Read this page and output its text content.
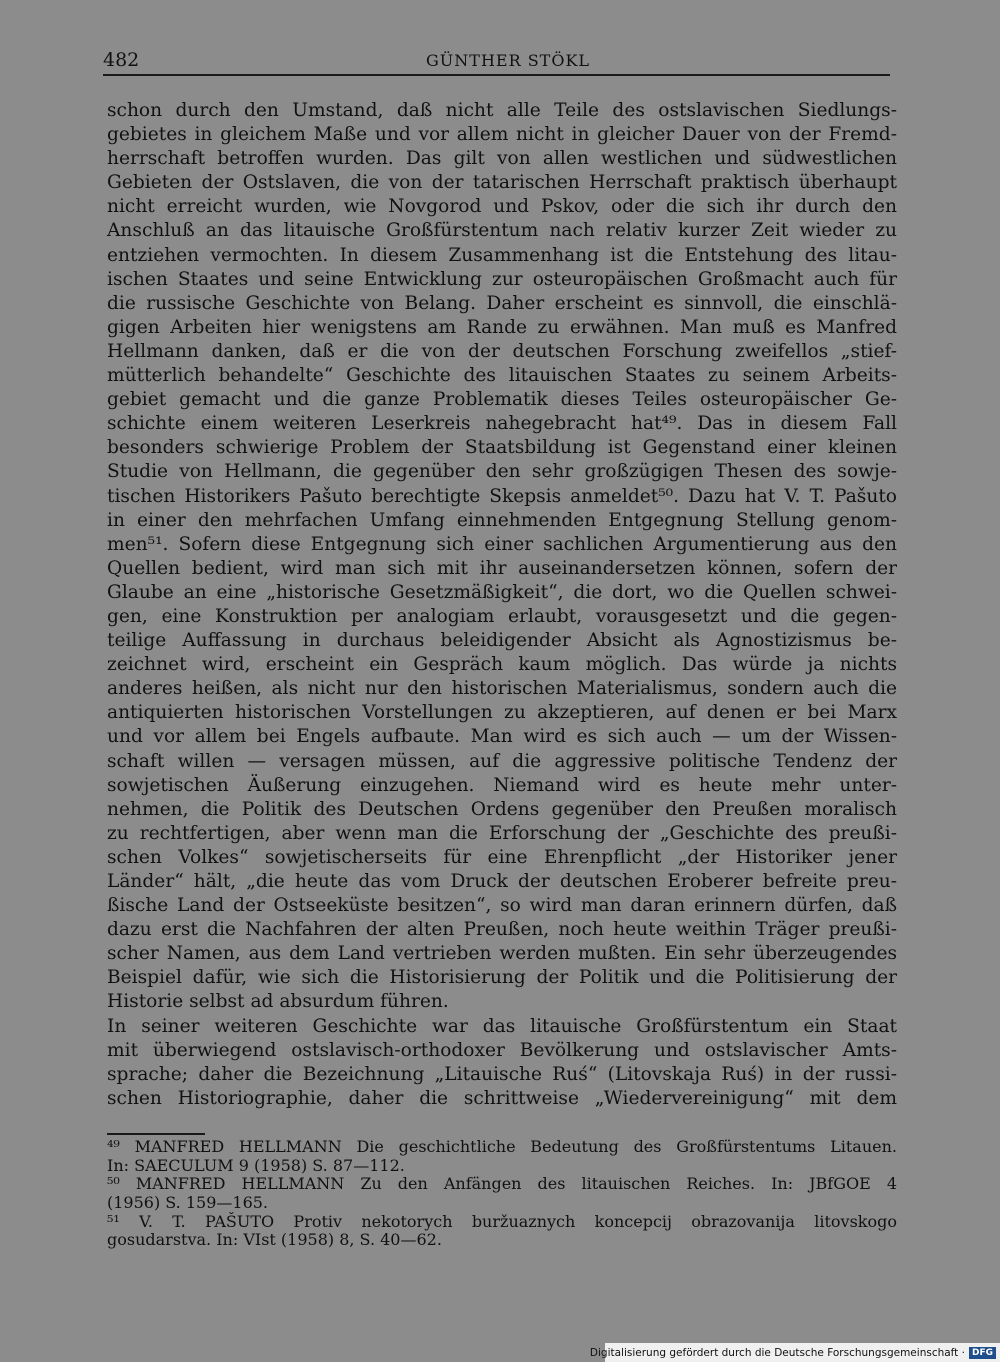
482	GÜNTHER STÖKL
schon durch den Umstand, daß nicht alle Teile des ostslavischen Siedlungs-
gebietes in gleichem Maße und vor allem nicht in gleicher Dauer von der Fremd-
herrschaft betroffen wurden. Das gilt von allen westlichen und südwestlichen
Gebieten der Ostslaven, die von der tatarischen Herrschaft praktisch überhaupt
nicht erreicht wurden, wie Novgorod und Pskov, oder die sich ihr durch den
Anschluß an das litauische Großfürstentum nach relativ kurzer Zeit wieder zu
entziehen vermochten. In diesem Zusammenhang ist die Entstehung des litau-
ischen Staates und seine Entwicklung zur osteuropäischen Großmacht auch für
die russische Geschichte von Belang. Daher erscheint es sinnvoll, die einschlä-
gigen Arbeiten hier wenigstens am Rande zu erwähnen. Man muß es Manfred
Hellmann danken, daß er die von der deutschen Forschung zweifellos „stief-
mütterlich behandelte“ Geschichte des litauischen Staates zu seinem Arbeits-
gebiet gemacht und die ganze Problematik dieses Teiles osteuropäischer Ge-
schichte einem weiteren Leserkreis nahegebracht hat⁴⁹. Das in diesem Fall
besonders schwierige Problem der Staatsbildung ist Gegenstand einer kleinen
Studie von Hellmann, die gegenüber den sehr großzügigen Thesen des sowje-
tischen Historikers Pašuto berechtigte Skepsis anmeldet⁵⁰. Dazu hat V. T. Pašuto
in einer den mehrfachen Umfang einnehmenden Entgegnung Stellung genom-
men⁵¹. Sofern diese Entgegnung sich einer sachlichen Argumentierung aus den
Quellen bedient, wird man sich mit ihr auseinandersetzen können, sofern der
Glaube an eine „historische Gesetzmäßigkeit“, die dort, wo die Quellen schwei-
gen, eine Konstruktion per analogiam erlaubt, vorausgesetzt und die gegen-
teilige Auffassung in durchaus beleidigender Absicht als Agnostizismus be-
zeichnet wird, erscheint ein Gespräch kaum möglich. Das würde ja nichts
anderes heißen, als nicht nur den historischen Materialismus, sondern auch die
antiquierten historischen Vorstellungen zu akzeptieren, auf denen er bei Marx
und vor allem bei Engels aufbaute. Man wird es sich auch — um der Wissen-
schaft willen — versagen müssen, auf die aggressive politische Tendenz der
sowjetischen Äußerung einzugehen. Niemand wird es heute mehr unter-
nehmen, die Politik des Deutschen Ordens gegenüber den Preußen moralisch
zu rechtfertigen, aber wenn man die Erforschung der „Geschichte des preußi-
schen Volkes“ sowjetischerseits für eine Ehrenpflicht „der Historiker jener
Länder“ hält, „die heute das vom Druck der deutschen Eroberer befreite preu-
ßische Land der Ostseeküste besitzen“, so wird man daran erinnern dürfen, daß
dazu erst die Nachfahren der alten Preußen, noch heute weithin Träger preußi-
scher Namen, aus dem Land vertrieben werden mußten. Ein sehr überzeugendes
Beispiel dafür, wie sich die Historisierung der Politik und die Politisierung der
Historie selbst ad absurdum führen.
In seiner weiteren Geschichte war das litauische Großfürstentum ein Staat
mit überwiegend ostslavisch-orthodoxer Bevölkerung und ostslavischer Amts-
sprache; daher die Bezeichnung „Litauische Ruś“ (Litovskaja Ruś) in der russi-
schen Historiographie, daher die schrittweise „Wiedervereinigung“ mit dem
⁴⁹ MANFRED HELLMANN Die geschichtliche Bedeutung des Großfürstentums Litauen.
In: SAECULUM 9 (1958) S. 87—112.
⁵⁰ MANFRED HELLMANN Zu den Anfängen des litauischen Reiches. In: JBfGOE 4
(1956) S. 159—165.
⁵¹ V. T. PAŠUTO Protiv nekotorych buržuaznych koncepcij obrazovanija litovskogo
gosudarstva. In: VIst (1958) 8, S. 40—62.
Digitalisierung gefördert durch die Deutsche Forschungsgemeinschaft · DFG
